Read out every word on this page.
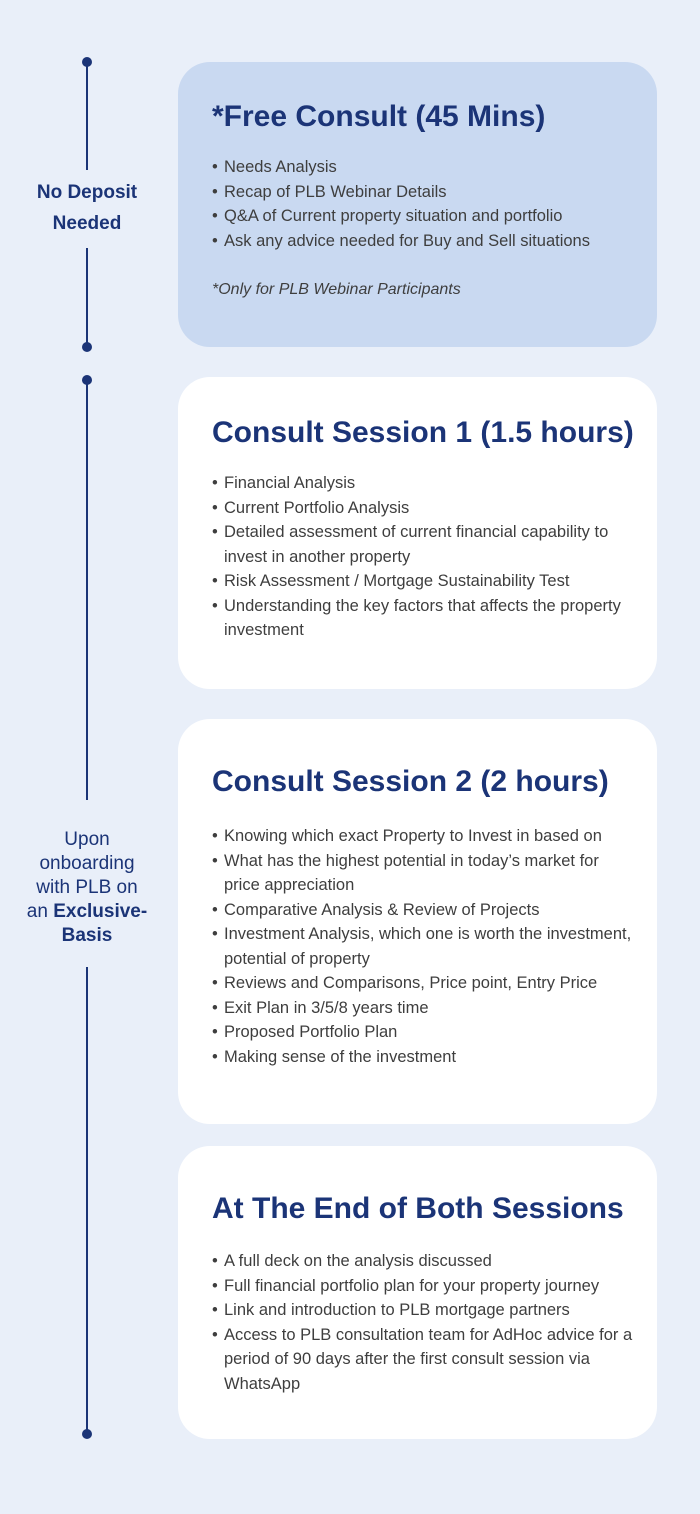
No Deposit Needed
Upon
onboarding
with PLB on
an Exclusive-
Basis
*Free Consult (45 Mins)
• Needs Analysis
• Recap of PLB Webinar Details
• Q&A of Current property situation and portfolio
• Ask any advice needed for Buy and Sell situations
*Only for PLB Webinar Participants
Consult Session 1 (1.5 hours)
• Financial Analysis
• Current Portfolio Analysis
• Detailed assessment of current financial capability to invest in another property
• Risk Assessment / Mortgage Sustainability Test
• Understanding the key factors that affects the property investment
Consult Session 2 (2 hours)
• Knowing which exact Property to Invest in based on
• What has the highest potential in today’s market for price appreciation
• Comparative Analysis & Review of Projects
• Investment Analysis, which one is worth the investment, potential of property
• Reviews and Comparisons, Price point, Entry Price
• Exit Plan in 3/5/8 years time
• Proposed Portfolio Plan
• Making sense of the investment
At The End of Both Sessions
• A full deck on the analysis discussed
• Full financial portfolio plan for your property journey
• Link and introduction to PLB mortgage partners
• Access to PLB consultation team for AdHoc advice for a period of 90 days after the first consult session via WhatsApp
